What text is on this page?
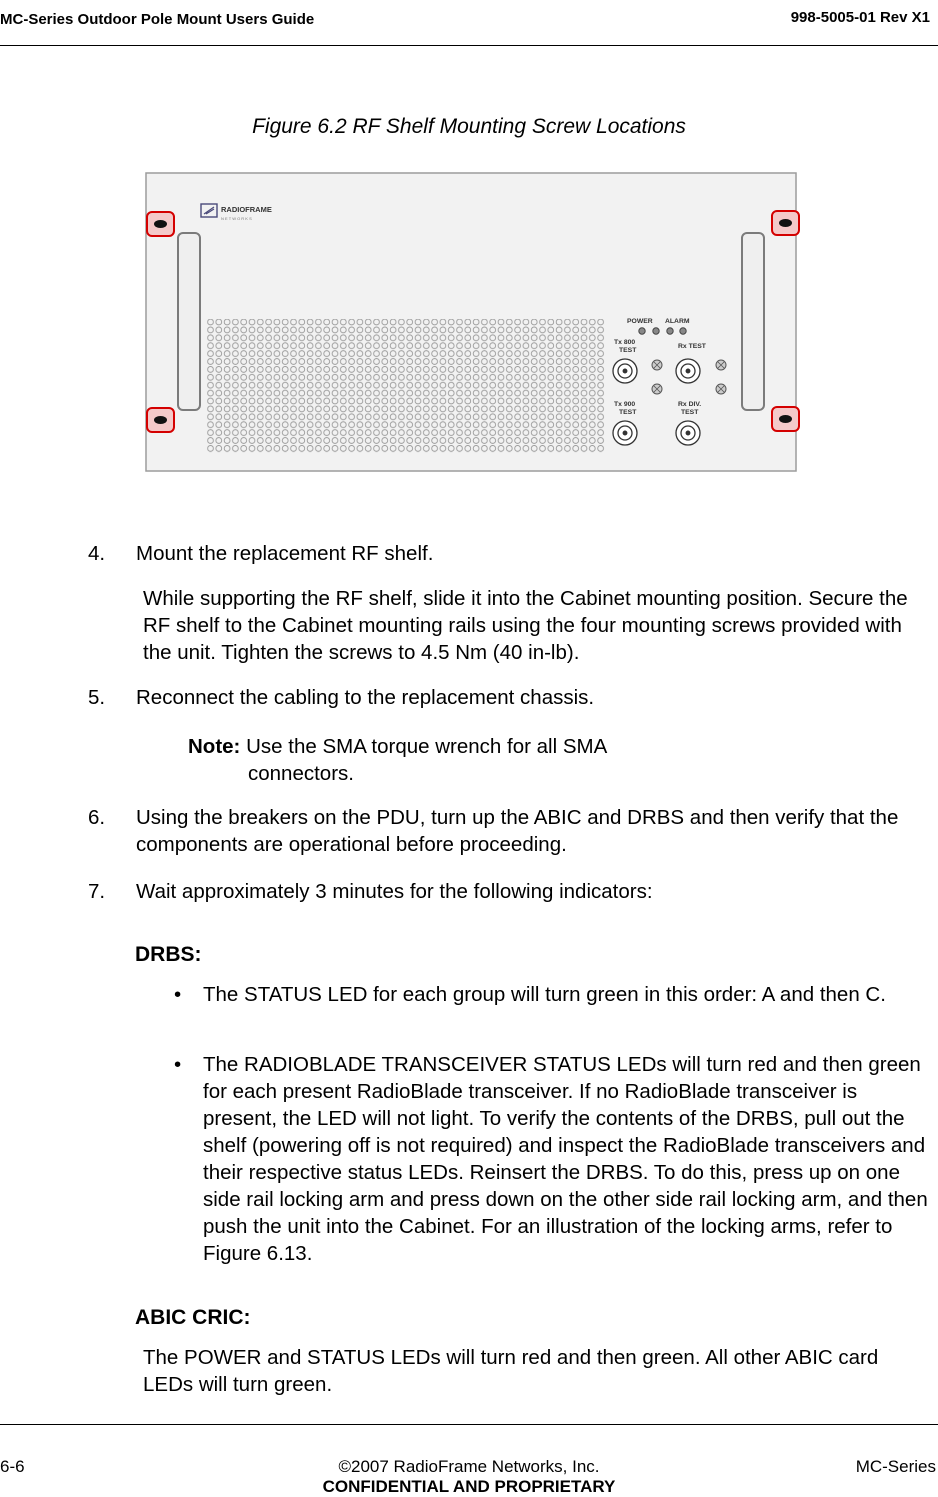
MC-Series Outdoor Pole Mount Users Guide	998-5005-01 Rev X1
Figure 6.2 RF Shelf Mounting Screw Locations
RADIOFRAME
N E T W O R K S
POWER ALARM
Tx 800
TEST
Rx TEST
Tx 900
TEST
Rx DIV.
TEST
4. Mount the replacement RF shelf.
While supporting the RF shelf, slide it into the Cabinet mounting position. Secure the RF shelf to the Cabinet mounting rails using the four mounting screws provided with the unit. Tighten the screws to 4.5 Nm (40 in-lb).
5. Reconnect the cabling to the replacement chassis.
Note: Use the SMA torque wrench for all SMA
connectors.
6. Using the breakers on the PDU, turn up the ABIC and DRBS and then verify that the components are operational before proceeding.
7. Wait approximately 3 minutes for the following indicators:
DRBS:
• The STATUS LED for each group will turn green in this order: A and then C.
• The RADIOBLADE TRANSCEIVER STATUS LEDs will turn red and then green for each present RadioBlade transceiver. If no RadioBlade transceiver is present, the LED will not light. To verify the contents of the DRBS, pull out the shelf (powering off is not required) and inspect the RadioBlade transceivers and their respective status LEDs. Reinsert the DRBS. To do this, press up on one side rail locking arm and press down on the other side rail locking arm, and then push the unit into the Cabinet. For an illustration of the locking arms, refer to Figure 6.13.
ABIC CRIC:
The POWER and STATUS LEDs will turn red and then green. All other ABIC card LEDs will turn green.
6-6	©2007 RadioFrame Networks, Inc.
CONFIDENTIAL AND PROPRIETARY
MC-Series
